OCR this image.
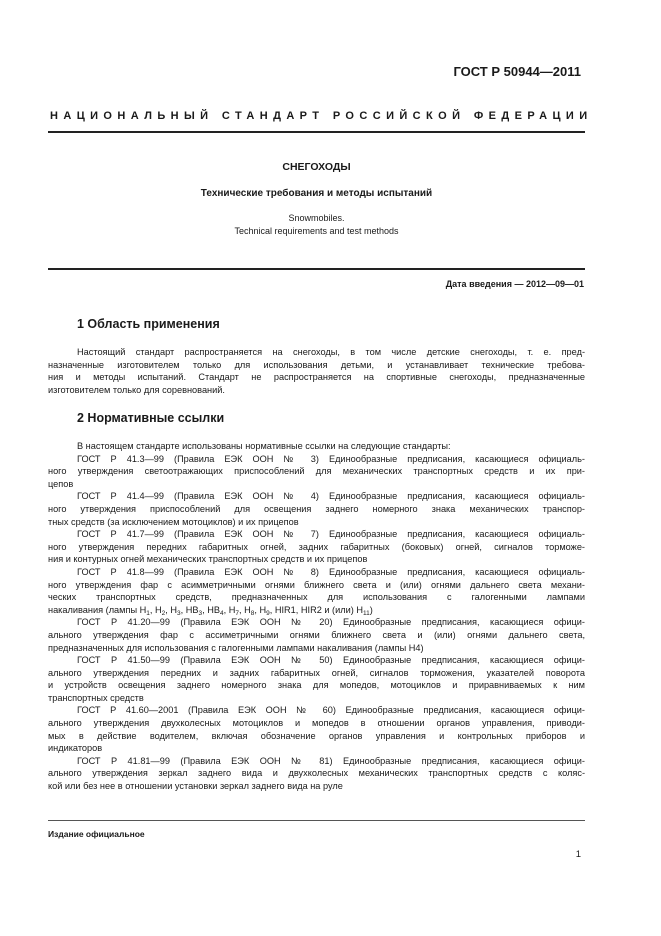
ГОСТ Р 50944—2011
НАЦИОНАЛЬНЫЙ СТАНДАРТ РОССИЙСКОЙ ФЕДЕРАЦИИ
СНЕГОХОДЫ
Технические требования и методы испытаний
Snowmobiles.
Technical requirements and test methods
Дата введения — 2012—09—01
1 Область применения
Настоящий стандарт распространяется на снегоходы, в том числе детские снегоходы, т. е. пред-
назначенные изготовителем только для использования детьми, и устанавливает технические требова-
ния и методы испытаний. Стандарт не распространяется на спортивные снегоходы, предназначенные
изготовителем только для соревнований.
2 Нормативные ссылки
В настоящем стандарте использованы нормативные ссылки на следующие стандарты:
ГОСТ Р 41.3—99 (Правила ЕЭК ООН № 3) Единообразные предписания, касающиеся официаль-
ного утверждения светоотражающих приспособлений для механических транспортных средств и их при-
цепов
ГОСТ Р 41.4—99 (Правила ЕЭК ООН № 4) Единообразные предписания, касающиеся официаль-
ного утверждения приспособлений для освещения заднего номерного знака механических транспор-
тных средств (за исключением мотоциклов) и их прицепов
ГОСТ Р 41.7—99 (Правила ЕЭК ООН № 7) Единообразные предписания, касающиеся официаль-
ного утверждения передних габаритных огней, задних габаритных (боковых) огней, сигналов торможе-
ния и контурных огней механических транспортных средств и их прицепов
ГОСТ Р 41.8—99 (Правила ЕЭК ООН № 8) Единообразные предписания, касающиеся официаль-
ного утверждения фар с асимметричными огнями ближнего света и (или) огнями дальнего света механи-
ческих транспортных средств, предназначенных для использования с галогенными лампами
накаливания (лампы $H_1$, $H_2$, $H_3$, $HB_3$, $HB_4$, $H_7$, $H_8$, $H_9$, HIR1, HIR2 и (или) $H_{11}$)
ГОСТ Р 41.20—99 (Правила ЕЭК ООН № 20) Единообразные предписания, касающиеся офици-
ального утверждения фар с ассиметричными огнями ближнего света и (или) огнями дальнего света,
предназначенных для использования с галогенными лампами накаливания (лампы Н4)
ГОСТ Р 41.50—99 (Правила ЕЭК ООН № 50) Единообразные предписания, касающиеся офици-
ального утверждения передних и задних габаритных огней, сигналов торможения, указателей поворота
и устройств освещения заднего номерного знака для мопедов, мотоциклов и приравниваемых к ним
транспортных средств
ГОСТ Р 41.60—2001 (Правила ЕЭК ООН № 60) Единообразные предписания, касающиеся офици-
ального утверждения двухколесных мотоциклов и мопедов в отношении органов управления, приводи-
мых в действие водителем, включая обозначение органов управления и контрольных приборов и
индикаторов
ГОСТ Р 41.81—99 (Правила ЕЭК ООН № 81) Единообразные предписания, касающиеся офици-
ального утверждения зеркал заднего вида и двухколесных механических транспортных средств с коляс-
кой или без нее в отношении установки зеркал заднего вида на руле
Издание официальное
1
